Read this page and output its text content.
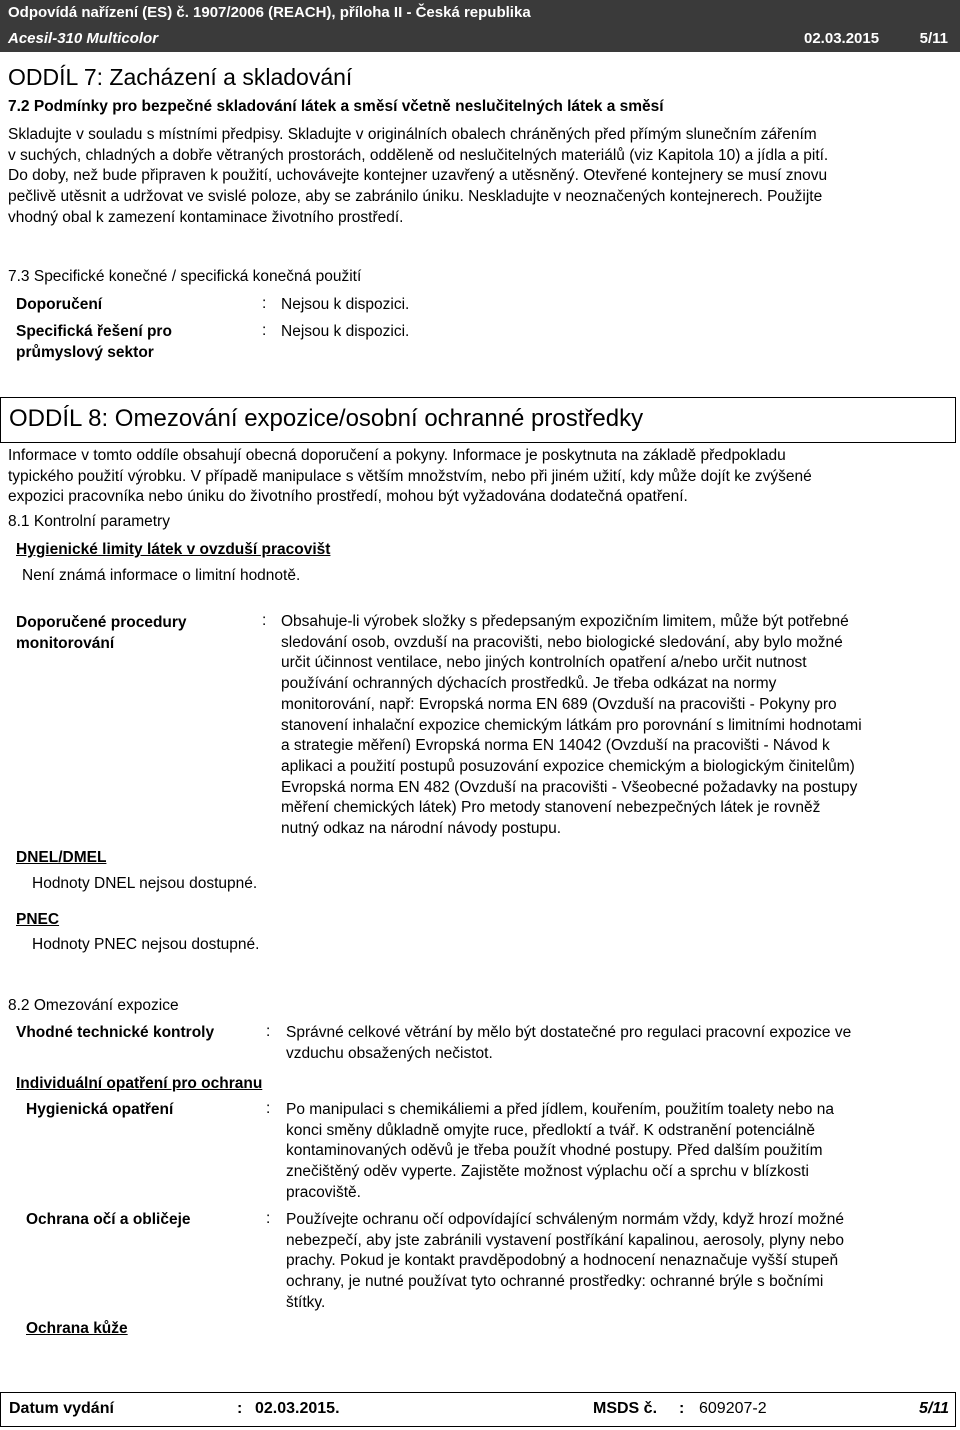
Odpovídá nařízení (ES) č. 1907/2006 (REACH), příloha II - Česká republika
Acesil-310 Multicolor	02.03.2015	5/11
ODDÍL 7: Zacházení a skladování
7.2 Podmínky pro bezpečné skladování látek a směsí včetně neslučitelných látek a směsí
Skladujte v souladu s místními předpisy. Skladujte v originálních obalech chráněných před přímým slunečním zářením
v suchých, chladných a dobře větraných prostorách, odděleně od neslučitelných materiálů (viz Kapitola 10) a jídla a pití.
Do doby, než bude připraven k použití, uchovávejte kontejner uzavřený a utěsněný. Otevřené kontejnery se musí znovu
pečlivě utěsnit a udržovat ve svislé poloze, aby se zabránilo úniku. Neskladujte v neoznačených kontejnerech. Použijte
vhodný obal k zamezení kontaminace životního prostředí.
7.3 Specifické konečné / specifická konečná použití
Doporučení	: Nejsou k dispozici.
Specifická řešení pro
průmyslový sektor
: Nejsou k dispozici.
ODDÍL 8: Omezování expozice/osobní ochranné prostředky
Informace v tomto oddíle obsahují obecná doporučení a pokyny. Informace je poskytnuta na základě předpokladu
typického použití výrobku. V případě manipulace s větším množstvím, nebo při jiném užití, kdy může dojít ke zvýšené
expozici pracovníka nebo úniku do životního prostředí, mohou být vyžadována dodatečná opatření.
8.1 Kontrolní parametry
Hygienické limity látek v ovzduší pracovišt
Není známá informace o limitní hodnotě.
Doporučené procedury
monitorování
: Obsahuje-li výrobek složky s předepsaným expozičním limitem, může být potřebné
sledování osob, ovzduší na pracovišti, nebo biologické sledování, aby bylo možné
určit účinnost ventilace, nebo jiných kontrolních opatření a/nebo určit nutnost
používání ochranných dýchacích prostředků. Je třeba odkázat na normy
monitorování, např: Evropská norma EN 689 (Ovzduší na pracovišti - Pokyny pro
stanovení inhalační expozice chemickým látkám pro porovnání s limitními hodnotami
a strategie měření) Evropská norma EN 14042 (Ovzduší na pracovišti - Návod k
aplikaci a použití postupů posuzování expozice chemickým a biologickým činitelům)
Evropská norma EN 482 (Ovzduší na pracovišti - Všeobecné požadavky na postupy
měření chemických látek) Pro metody stanovení nebezpečných látek je rovněž
nutný odkaz na národní návody postupu.
DNEL/DMEL
Hodnoty DNEL nejsou dostupné.
PNEC
Hodnoty PNEC nejsou dostupné.
8.2 Omezování expozice
Vhodné technické kontroly	: Správné celkové větrání by mělo být dostatečné pro regulaci pracovní expozice ve
vzduchu obsažených nečistot.
Individuální opatření pro ochranu
Hygienická opatření	: Po manipulaci s chemikáliemi a před jídlem, kouřením, použitím toalety nebo na
konci směny důkladně omyjte ruce, předloktí a tvář. K odstranění potenciálně
kontaminovaných oděvů je třeba použít vhodné postupy. Před dalším použitím
znečištěný oděv vyperte. Zajistěte možnost výplachu očí a sprchu v blízkosti
pracoviště.
Ochrana očí a obličeje	: Používejte ochranu očí odpovídající schváleným normám vždy, když hrozí možné
nebezpečí, aby jste zabránili vystavení postříkání kapalinou, aerosoly, plyny nebo
prachy. Pokud je kontakt pravděpodobný a hodnocení nenaznačuje vyšší stupeň
ochrany, je nutné používat tyto ochranné prostředky: ochranné brýle s bočními
štítky.
Ochrana kůže
Datum vydání	: 02.03.2015.	MSDS č. : 609207-2	5/11
